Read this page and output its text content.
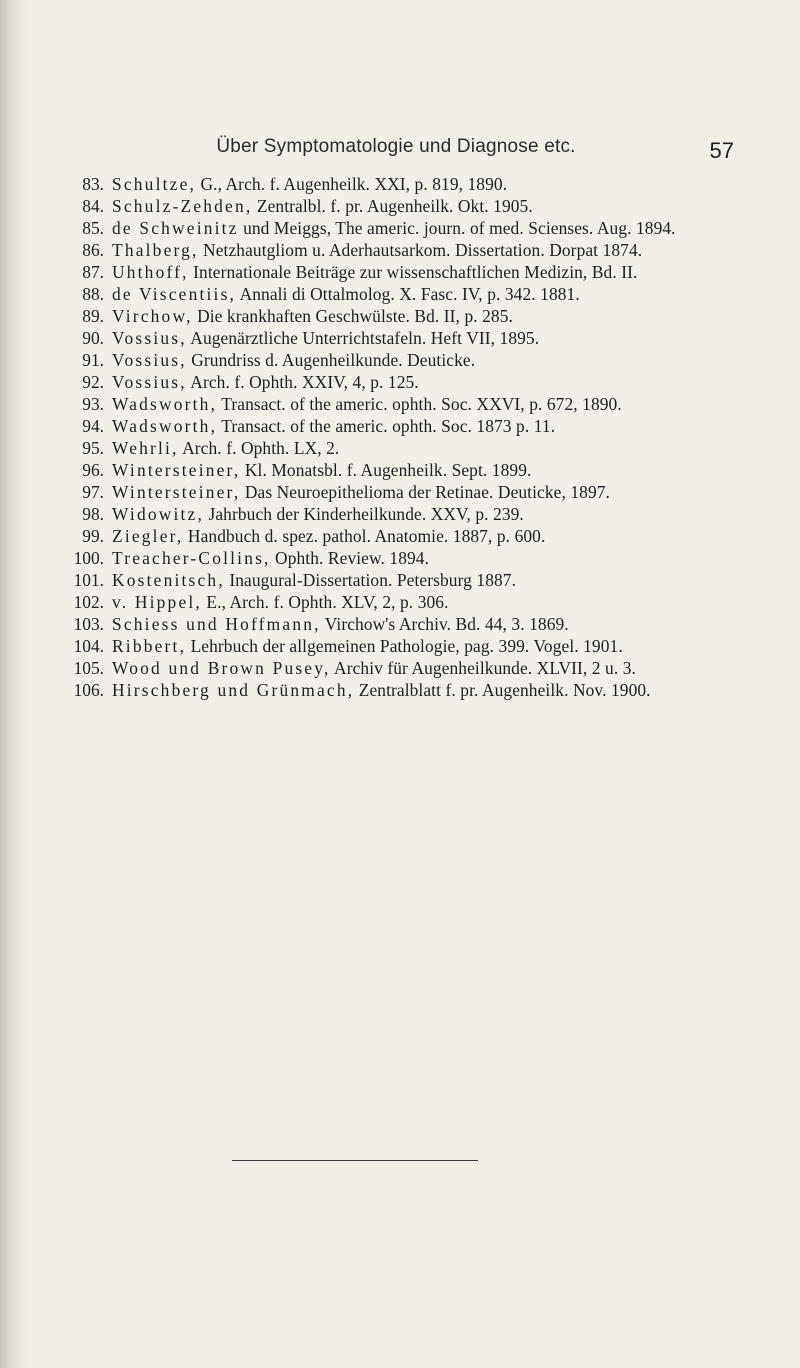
Über Symptomatologie und Diagnose etc.	57
83. Schultze, G., Arch. f. Augenheilk. XXI, p. 819, 1890.
84. Schulz-Zehden, Zentralbl. f. pr. Augenheilk. Okt. 1905.
85. de Schweinitz und Meiggs, The americ. journ. of med. Scienses. Aug. 1894.
86. Thalberg, Netzhautgliom u. Aderhautsarkom. Dissertation. Dorpat 1874.
87. Uhthoff, Internationale Beiträge zur wissenschaftlichen Medizin, Bd. II.
88. de Viscentiis, Annali di Ottalmolog. X. Fasc. IV, p. 342. 1881.
89. Virchow, Die krankhaften Geschwülste. Bd. II, p. 285.
90. Vossius, Augenärztliche Unterrichtstafeln. Heft VII, 1895.
91. Vossius, Grundriss d. Augenheilkunde. Deuticke.
92. Vossius, Arch. f. Ophth. XXIV, 4, p. 125.
93. Wadsworth, Transact. of the americ. ophth. Soc. XXVI, p. 672, 1890.
94. Wadsworth, Transact. of the americ. ophth. Soc. 1873 p. 11.
95. Wehrli, Arch. f. Ophth. LX, 2.
96. Wintersteiner, Kl. Monatsbl. f. Augenheilk. Sept. 1899.
97. Wintersteiner, Das Neuroepithelioma der Retinae. Deuticke, 1897.
98. Widowitz, Jahrbuch der Kinderheilkunde. XXV, p. 239.
99. Ziegler, Handbuch d. spez. pathol. Anatomie. 1887, p. 600.
100. Treacher-Collins, Ophth. Review. 1894.
101. Kostenitsch, Inaugural-Dissertation. Petersburg 1887.
102. v. Hippel, E., Arch. f. Ophth. XLV, 2, p. 306.
103. Schiess und Hoffmann, Virchow's Archiv. Bd. 44, 3. 1869.
104. Ribbert, Lehrbuch der allgemeinen Pathologie, pag. 399. Vogel. 1901.
105. Wood und Brown Pusey, Archiv für Augenheilkunde. XLVII, 2 u. 3.
106. Hirschberg und Grünmach, Zentralblatt f. pr. Augenheilk. Nov. 1900.
